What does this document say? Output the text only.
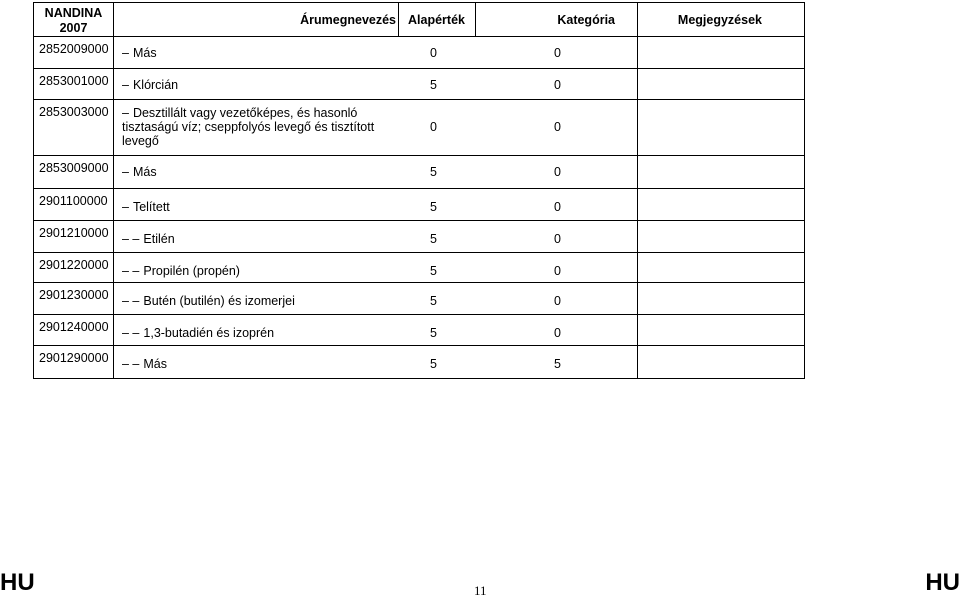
NANDINA
2007	Árumegnevezés	Alapérték	Kategória	Megjegyzések
2852009000	– Más 0 0			

2853001000	– Klórcián 5 0			

2853003000	– Desztillált vagy vezetőképes, és hasonló tisztaságú víz; cseppfolyós levegő és tisztított levegő
0 0			

2853009000	– Más 5 0			

2901100000	– Telített 5 0			

2901210000	– – Etilén 5 0			

2901220000	– – Propilén (propén) 5 0			

2901230000	– – Butén (butilén) és izomerjei 5 0			

2901240000	– – 1,3-butadién és izoprén 5 0			

2901290000	– – Más 5 5			

11
HU	HU
